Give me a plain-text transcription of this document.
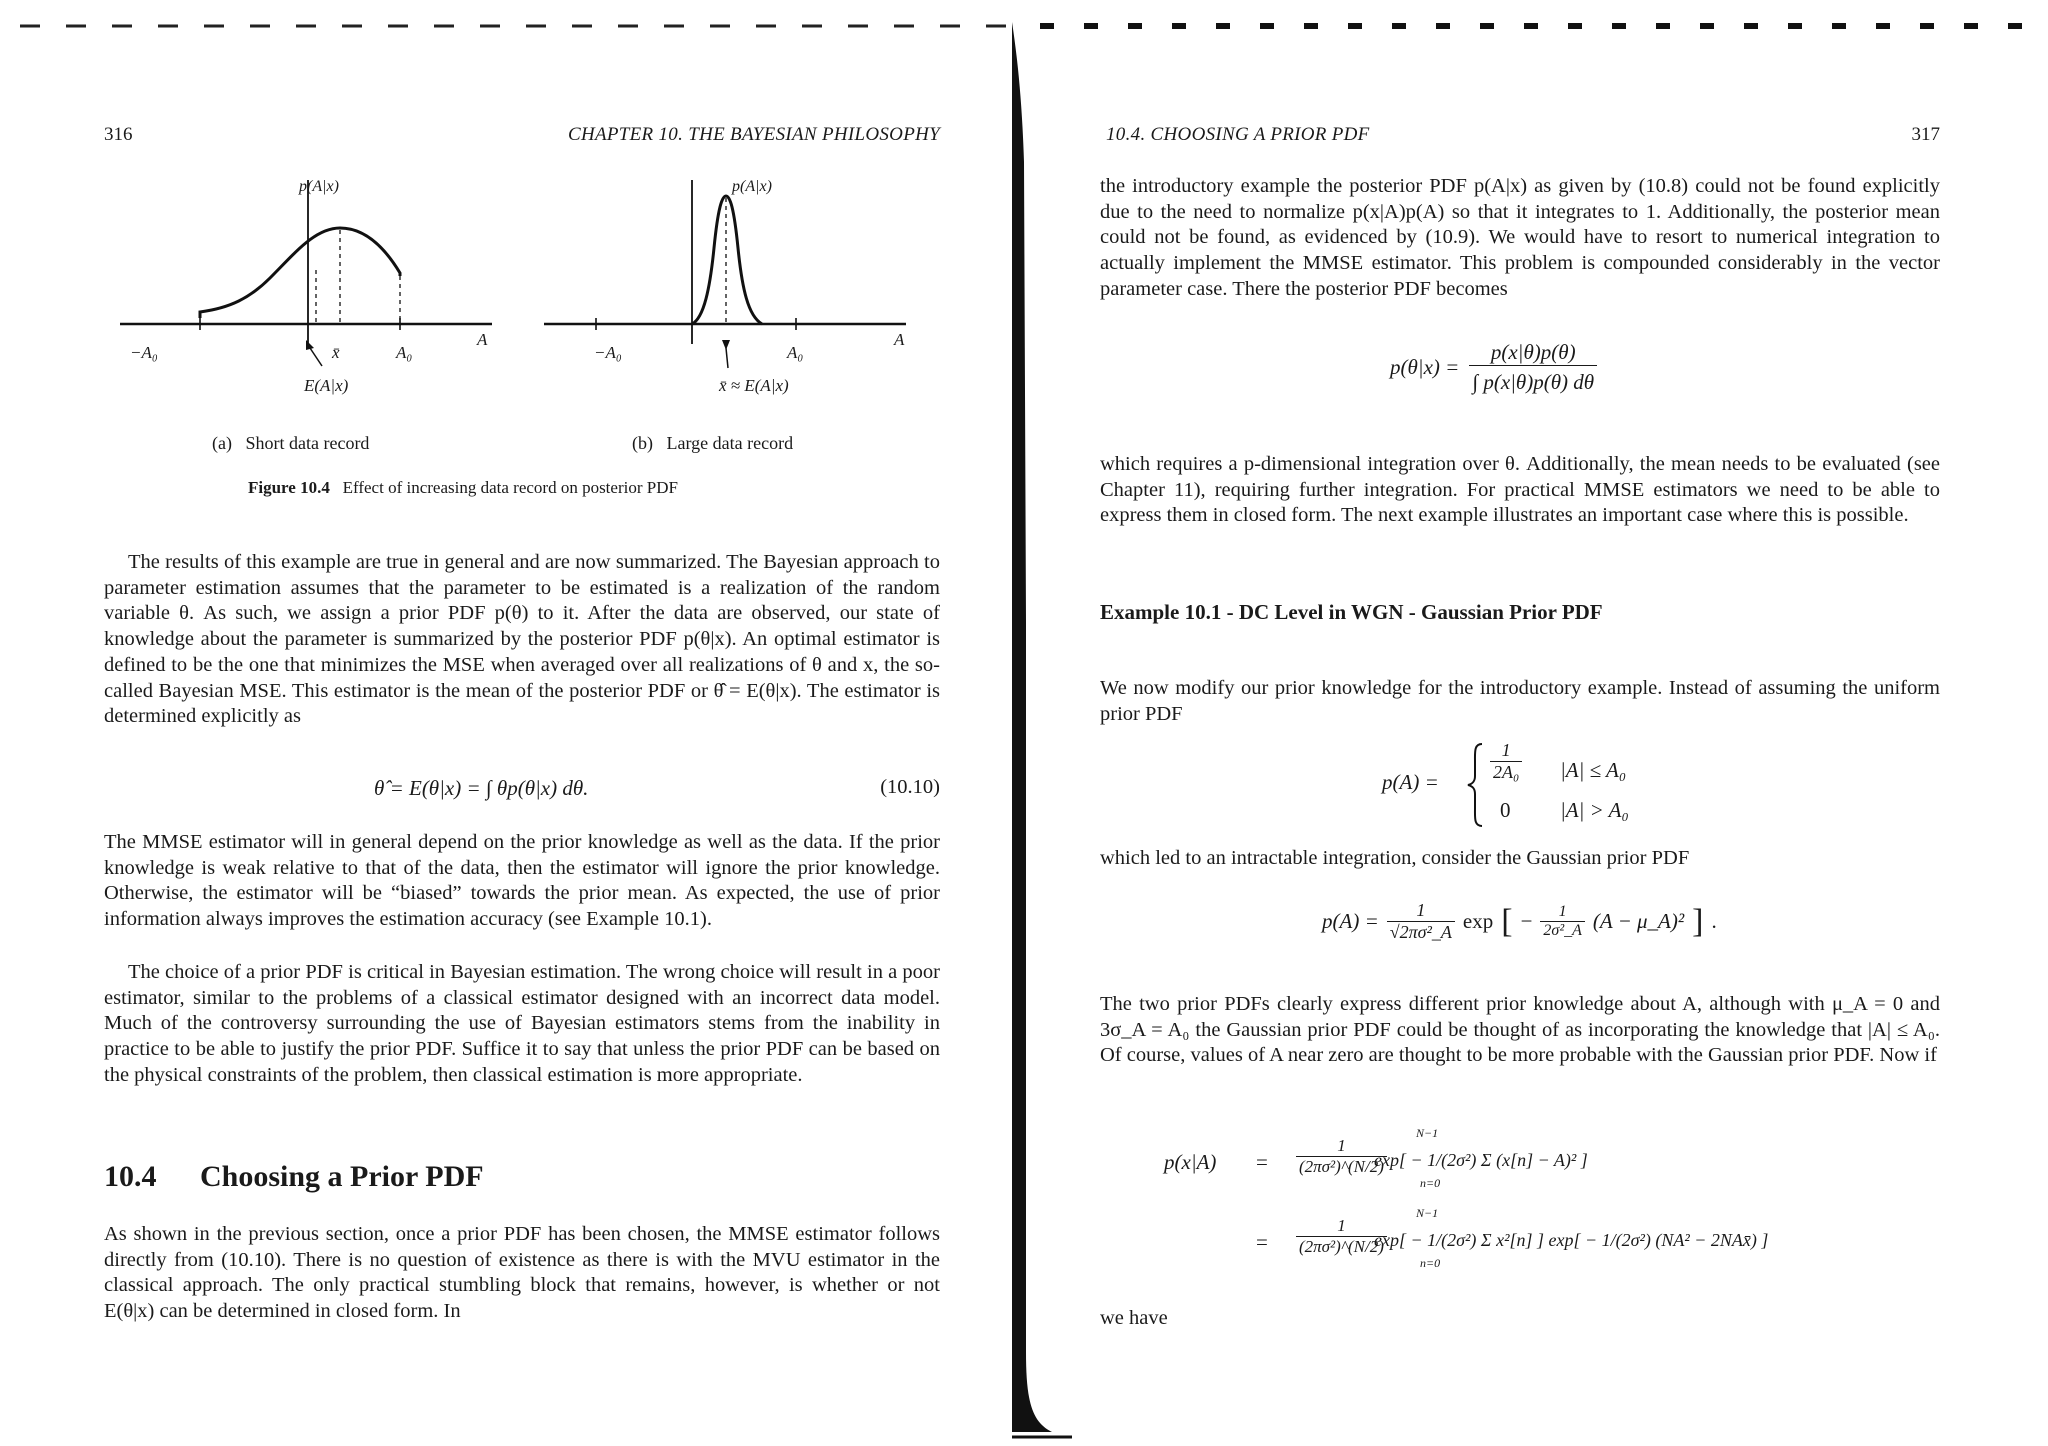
316	CHAPTER 10. THE BAYESIAN PHILOSOPHY
p(A|x)
−A₀	x̄	A₀
A
E(A|x)
p(A|x)
−A₀	A₀
A
x̄ ≈ E(A|x)
(a) Short data record	(b) Large data record
Figure 10.4 Effect of increasing data record on posterior PDF

The results of this example are true in general and are now summarized. The Bayesian approach to parameter estimation assumes that the parameter to be estimated is a realization of the random variable θ. As such, we assign a prior PDF p(θ) to it. After the data are observed, our state of knowledge about the parameter is summarized by the posterior PDF p(θ|x). An optimal estimator is defined to be the one that minimizes the MSE when averaged over all realizations of θ and x, the so-called Bayesian MSE. This estimator is the mean of the posterior PDF or θ̂ = E(θ|x). The estimator is determined explicitly as

θ̂ = E(θ|x) = ∫ θp(θ|x) dθ.	(10.10)

The MMSE estimator will in general depend on the prior knowledge as well as the data. If the prior knowledge is weak relative to that of the data, then the estimator will ignore the prior knowledge. Otherwise, the estimator will be “biased” towards the prior mean. As expected, the use of prior information always improves the estimation accuracy (see Example 10.1).

The choice of a prior PDF is critical in Bayesian estimation. The wrong choice will result in a poor estimator, similar to the problems of a classical estimator designed with an incorrect data model. Much of the controversy surrounding the use of Bayesian estimators stems from the inability in practice to be able to justify the prior PDF. Suffice it to say that unless the prior PDF can be based on the physical constraints of the problem, then classical estimation is more appropriate.

10.4 Choosing a Prior PDF

As shown in the previous section, once a prior PDF has been chosen, the MMSE estimator follows directly from (10.10). There is no question of existence as there is with the MVU estimator in the classical approach. The only practical stumbling block that remains, however, is whether or not E(θ|x) can be determined in closed form. In

10.4. CHOOSING A PRIOR PDF	317

the introductory example the posterior PDF p(A|x) as given by (10.8) could not be found explicitly due to the need to normalize p(x|A)p(A) so that it integrates to 1. Additionally, the posterior mean could not be found, as evidenced by (10.9). We would have to resort to numerical integration to actually implement the MMSE estimator. This problem is compounded considerably in the vector parameter case. There the posterior PDF becomes

$p(\theta|x) = \frac{p(x|\theta)p(\theta)}{\int p(x|\theta)p(\theta) d\theta}$

which requires a p-dimensional integration over θ. Additionally, the mean needs to be evaluated (see Chapter 11), requiring further integration. For practical MMSE estimators we need to be able to express them in closed form. The next example illustrates an important case where this is possible.

Example 10.1 - DC Level in WGN - Gaussian Prior PDF

We now modify our prior knowledge for the introductory example. Instead of assuming the uniform prior PDF

p(A) =	$\frac{1}{\text{2A₀}}$
0
|A| ≤ A₀
|A| > A₀

which led to an intractable integration, consider the Gaussian prior PDF

$p(A) = \frac{1}{\text{√2πσ²\_A}}$ exp [ − $\frac{1}{\text{2σ²\_A}} (A$ − μ_A)² ] .

The two prior PDFs clearly express different prior knowledge about A, although with μ_A = 0 and 3σ_A = A₀ the Gaussian prior PDF could be thought of as incorporating the knowledge that |A| ≤ A₀. Of course, values of A near zero are thought to be more probable with the Gaussian prior PDF. Now if

$p(x|A) = \frac{1}{\text{(2πσ²)\textasciicircum{}(N/2)}}$
N−1
n=0
exp[ − 1/(2σ²) Σ (x[n] − A)² ]
= $\frac{1}{\text{(2πσ²)\textasciicircum{}(N/2)}}$
N−1
n=0
exp[ − 1/(2σ²) Σ x²[n] ] exp[ − 1/(2σ²) (NA² − 2NAx̄) ]

we have
